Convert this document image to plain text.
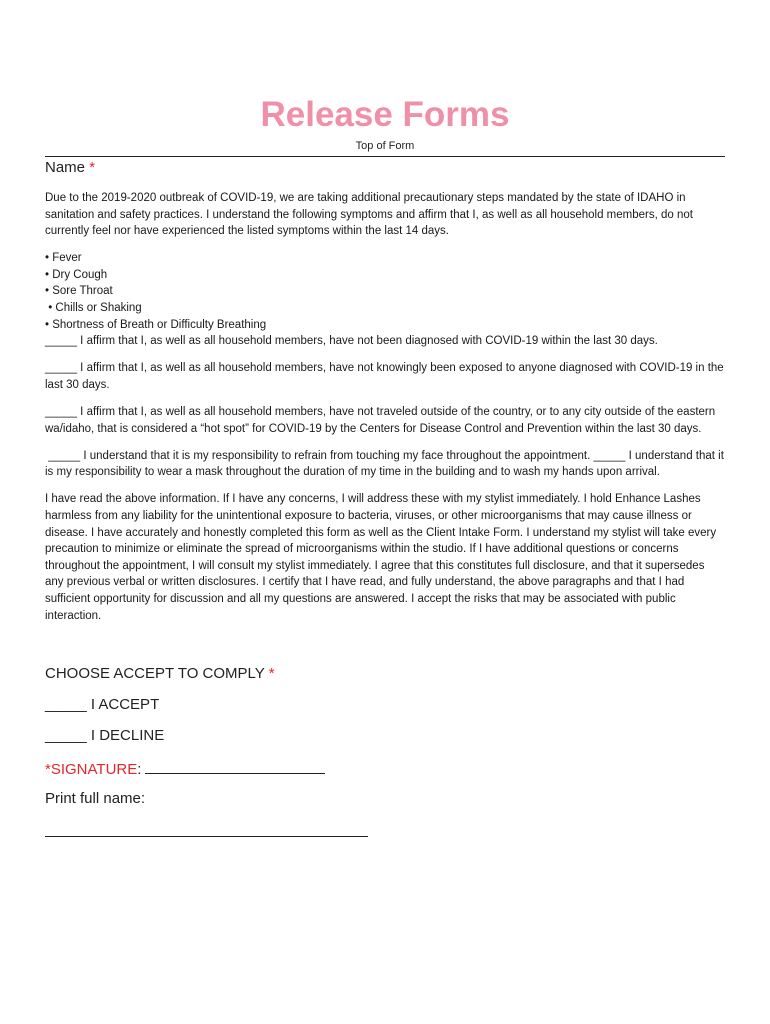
Release Forms
Top of Form
Name *

Due to the 2019-2020 outbreak of COVID-19, we are taking additional precautionary steps mandated by the state of IDAHO in sanitation and safety practices. I understand the following symptoms and affirm that I, as well as all household members, do not currently feel nor have experienced the listed symptoms within the last 14 days.

• Fever
• Dry Cough
• Sore Throat
• Chills or Shaking
• Shortness of Breath or Difficulty Breathing

_____ I affirm that I, as well as all household members, have not been diagnosed with COVID-19 within the last 30 days.

_____ I affirm that I, as well as all household members, have not knowingly been exposed to anyone diagnosed with COVID-19 in the last 30 days.

_____ I affirm that I, as well as all household members, have not traveled outside of the country, or to any city outside of the eastern wa/idaho, that is considered a “hot spot” for COVID-19 by the Centers for Disease Control and Prevention within the last 30 days.

_____ I understand that it is my responsibility to refrain from touching my face throughout the appointment. _____ I understand that it is my responsibility to wear a mask throughout the duration of my time in the building and to wash my hands upon arrival.

I have read the above information. If I have any concerns, I will address these with my stylist immediately. I hold Enhance Lashes harmless from any liability for the unintentional exposure to bacteria, viruses, or other microorganisms that may cause illness or disease. I have accurately and honestly completed this form as well as the Client Intake Form. I understand my stylist will take every precaution to minimize or eliminate the spread of microorganisms within the studio. If I have additional questions or concerns throughout the appointment, I will consult my stylist immediately. I agree that this constitutes full disclosure, and that it supersedes any previous verbal or written disclosures. I certify that I have read, and fully understand, the above paragraphs and that I had sufficient opportunity for discussion and all my questions are answered. I accept the risks that may be associated with public interaction.

CHOOSE ACCEPT TO COMPLY *
_____ I ACCEPT
_____ I DECLINE
*SIGNATURE:
Print full name:
